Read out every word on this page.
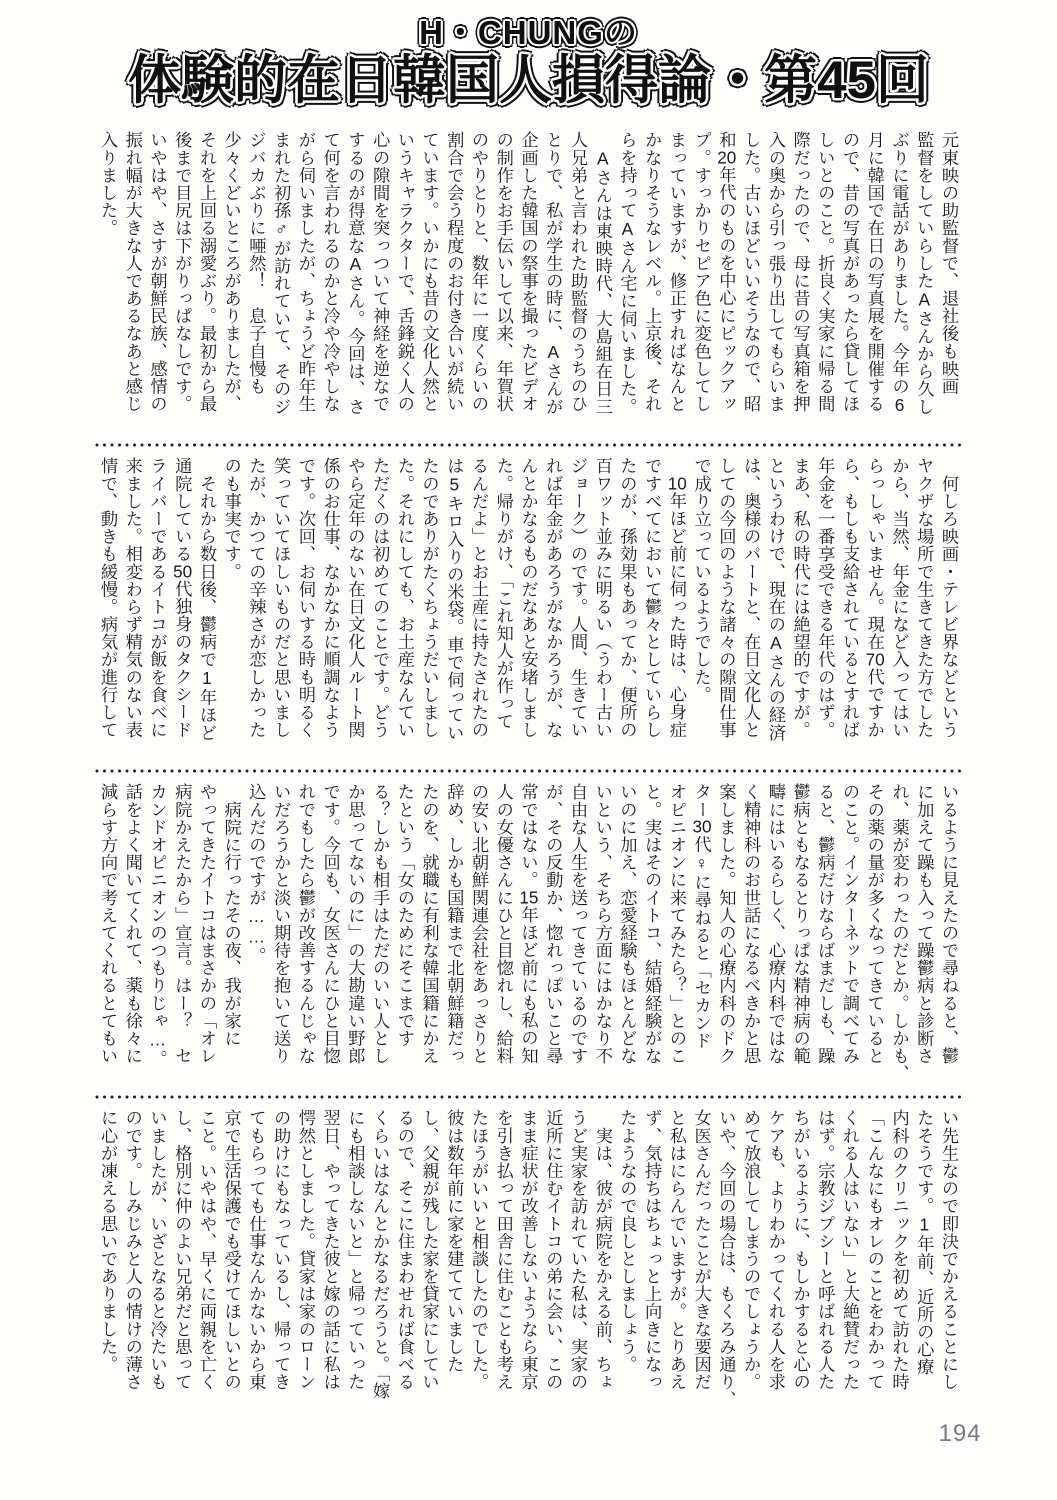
H・CHUNGの
体験的在日韓国人損得論・第45回
元東映の助監督で、退社後も映画
監督をしていらしたAさんから久し
ぶりに電話がありました。今年の6
月に韓国で在日の写真展を開催する
ので、昔の写真があったら貸してほ
しいとのこと。折良く実家に帰る間
際だったので、母に昔の写真箱を押
入の奥から引っ張り出してもらいま
した。古いほどいいそうなので、昭
和20年代のものを中心にピックアッ
プ。すっかりセピア色に変色してし
まっていますが、修正すればなんと
かなりそうなレベル。上京後、それ
らを持ってAさん宅に伺いました。
　Aさんは東映時代、大島組在日三
人兄弟と言われた助監督のうちのひ
とりで、私が学生の時に、Aさんが
企画した韓国の祭事を撮ったビデオ
の制作をお手伝いして以来、年賀状
のやりとりと、数年に一度くらいの
割合で会う程度のお付き合いが続い
ています。いかにも昔の文化人然と
いうキャラクターで、舌鋒鋭く人の
心の隙間を突っついて神経を逆なで
するのが得意なAさん。今回は、さ
て何を言われるのかと冷や冷やしな
がら伺いましたが、ちょうど昨年生
まれた初孫♂が訪れていて、そのジ
ジバカぶりに唖然！　息子自慢も
少々くどいところがありましたが、
それを上回る溺愛ぶり。最初から最
後まで目尻は下がりっぱなしです。
いやはや、さすが朝鮮民族、感情の
振れ幅が大きな人であるなあと感じ
入りました。
　何しろ映画・テレビ界などという
ヤクザな場所で生きてきた方でした
から、当然、年金になど入ってはい
らっしゃいません。現在70代ですか
ら、もしも支給されているとすれば
年金を一番享受できる年代のはず。
まあ、私の時代には絶望的ですが。
というわけで、現在のAさんの経済
は、奥様のパートと、在日文化人と
しての今回のような諸々の隙間仕事
で成り立っているようでした。
　10年ほど前に伺った時は、心身症
ですべてにおいて鬱々としていらし
たのが、孫効果もあってか、便所の
百ワット並みに明るい（うわー古い
ジョーク）のです。人間、生きてい
れば年金があろうがなかろうが、な
んとかなるものだなあと安堵しまし
た。帰りがけ、「これ知人が作って
るんだよ」とお土産に持たされたの
は5キロ入りの米袋。車で伺ってい
たのでありがたくちょうだいしまし
た。それにしても、お土産なんてい
ただくのは初めてのことです。どう
やら定年のない在日文化人ルート関
係のお仕事、なかなかに順調なよう
です。次回、お伺いする時も明るく
笑っていてほしいものだと思いまし
たが、かつての辛辣さが恋しかった
のも事実です。
　それから数日後、鬱病で1年ほど
通院している50代独身のタクシード
ライバーであるイトコが飯を食べに
来ました。相変わらず精気のない表
情で、動きも緩慢。病気が進行して
いるように見えたので尋ねると、鬱
に加えて躁も入って躁鬱病と診断さ
れ、薬が変わったのだとか。しかも、
その薬の量が多くなってきていると
のこと。インターネットで調べてみ
ると、鬱病だけならばまだしも、躁
鬱病ともなるとりっぱな精神病の範
疇にはいるらしく、心療内科ではな
く精神科のお世話になるべきかと思
案しました。知人の心療内科のドク
ター30代♀に尋ねると「セカンド
オピニオンに来てみたら？」とのこ
と。実はそのイトコ、結婚経験がな
いのに加え、恋愛経験もほとんどな
いという、そちら方面にはかなり不
自由な人生を送ってきているのです
が、その反動か、惚れっぽいこと尋
常ではない。15年ほど前にも私の知
人の女優さんにひと目惚れし、給料
の安い北朝鮮関連会社をあっさりと
辞め、しかも国籍まで北朝鮮籍だっ
たのを、就職に有利な韓国籍にかえ
たという「女のためにそこまです
る？しかも相手はただのいい人とし
か思ってないのに」の大勘違い野郎
です。今回も、女医さんにひと目惚
れでもしたら鬱が改善するんじゃな
いだろうかと淡い期待を抱いて送り
込んだのですが……。
　病院に行ったその夜、我が家に
やってきたイトコはまさかの「オレ
病院かえたから」宣言。はー？　セ
カンドオピニオンのつもりじゃ…。
話をよく聞いてくれて、薬も徐々に
減らす方向で考えてくれるとてもい
い先生なので即決でかえることにし
たそうです。1年前、近所の心療
内科のクリニックを初めて訪れた時
「こんなにもオレのことをわかって
くれる人はいない」と大絶賛だった
はず。宗教ジプシーと呼ばれる人た
ちがいるように、もしかすると心の
ケアも、よりわかってくれる人を求
めて放浪してしまうのでしょうか。
いや、今回の場合は、もくろみ通り、
女医さんだったことが大きな要因だ
と私はにらんでいますが。とりあえ
ず、気持ちはちょっと上向きになっ
たようなので良しとしましょう。
　実は、彼が病院をかえる前、ちょ
うど実家を訪れていた私は、実家の
近所に住むイトコの弟に会い、この
まま症状が改善しないようなら東京
を引き払って田舎に住むことも考え
たほうがいいと相談したのでした。
彼は数年前に家を建てていました
し、父親が残した家を貸家にしてい
るので、そこに住まわせれば食べる
くらいはなんとかなるだろうと。「嫁
にも相談しないと」と帰っていった
翌日、やってきた彼と嫁の話に私は
愕然としました。貸家は家のローン
の助けにもなっているし、帰ってき
てもらっても仕事なんかないから東
京で生活保護でも受けてほしいとの
こと。いやはや、早くに両親を亡く
し、格別に仲のよい兄弟だと思って
いましたが、いざとなると冷たいも
のです。しみじみと人の情けの薄さ
に心が凍える思いでありました。
194
